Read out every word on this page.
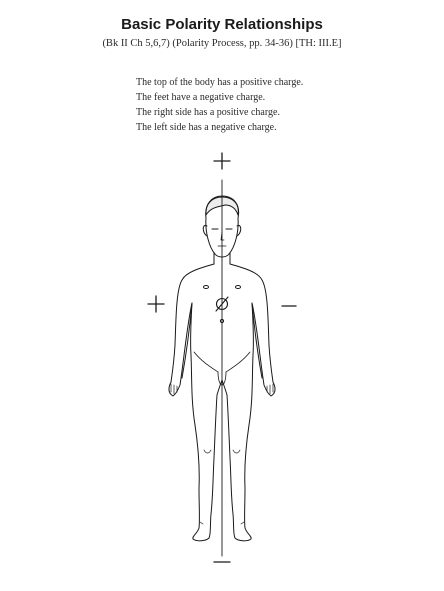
Basic Polarity Relationships
(Bk II Ch 5,6,7) (Polarity Process, pp. 34-36) [TH: III.E]
The top of the body has a positive charge.
The feet have a negative charge.
The right side has a positive charge.
The left side has a negative charge.
